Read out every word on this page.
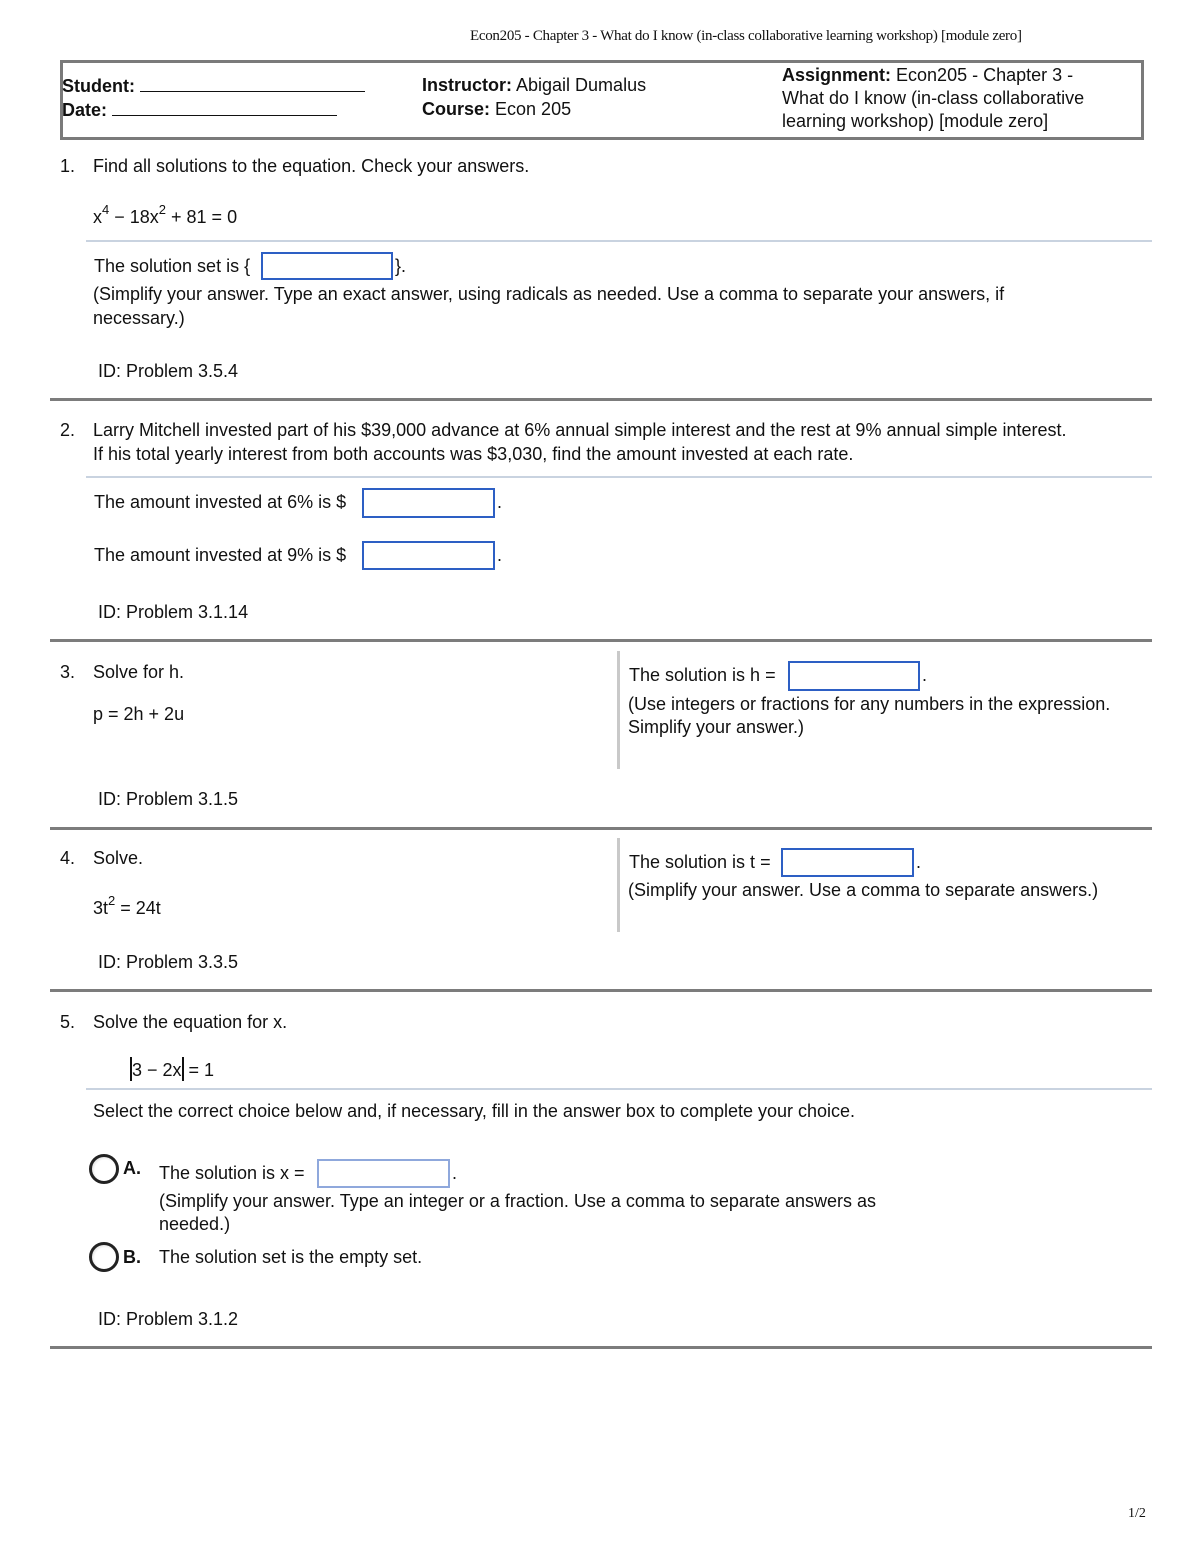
Econ205 - Chapter 3 - What do I know (in-class collaborative learning workshop) [module zero]
Student:
Date:
Instructor: Abigail Dumalus
Course: Econ 205
Assignment: Econ205 - Chapter 3 -
What do I know (in-class collaborative
learning workshop) [module zero]
1. Find all solutions to the equation. Check your answers.
$x^4 - 18x^2 + 81 = 0$
The solution set is {	}.
(Simplify your answer. Type an exact answer, using radicals as needed. Use a comma to separate your answers, if
necessary.)
ID: Problem 3.5.4
2. Larry Mitchell invested part of his $39,000 advance at 6% annual simple interest and the rest at 9% annual simple interest.
If his total yearly interest from both accounts was $3,030, find the amount invested at each rate.
The amount invested at 6% is $	.
The amount invested at 9% is $	.
ID: Problem 3.1.14
3. Solve for h.
p = 2h + 2u
The solution is h =	.
(Use integers or fractions for any numbers in the expression.
Simplify your answer.)
ID: Problem 3.1.5
4. Solve.
$3t^2 = 24t$
The solution is t =	.
(Simplify your answer. Use a comma to separate answers.)
ID: Problem 3.3.5
5. Solve the equation for x.
3 − 2x = 1
Select the correct choice below and, if necessary, fill in the answer box to complete your choice.
A. The solution is x =	.
(Simplify your answer. Type an integer or a fraction. Use a comma to separate answers as
needed.)
B. The solution set is the empty set.
ID: Problem 3.1.2
1/2
